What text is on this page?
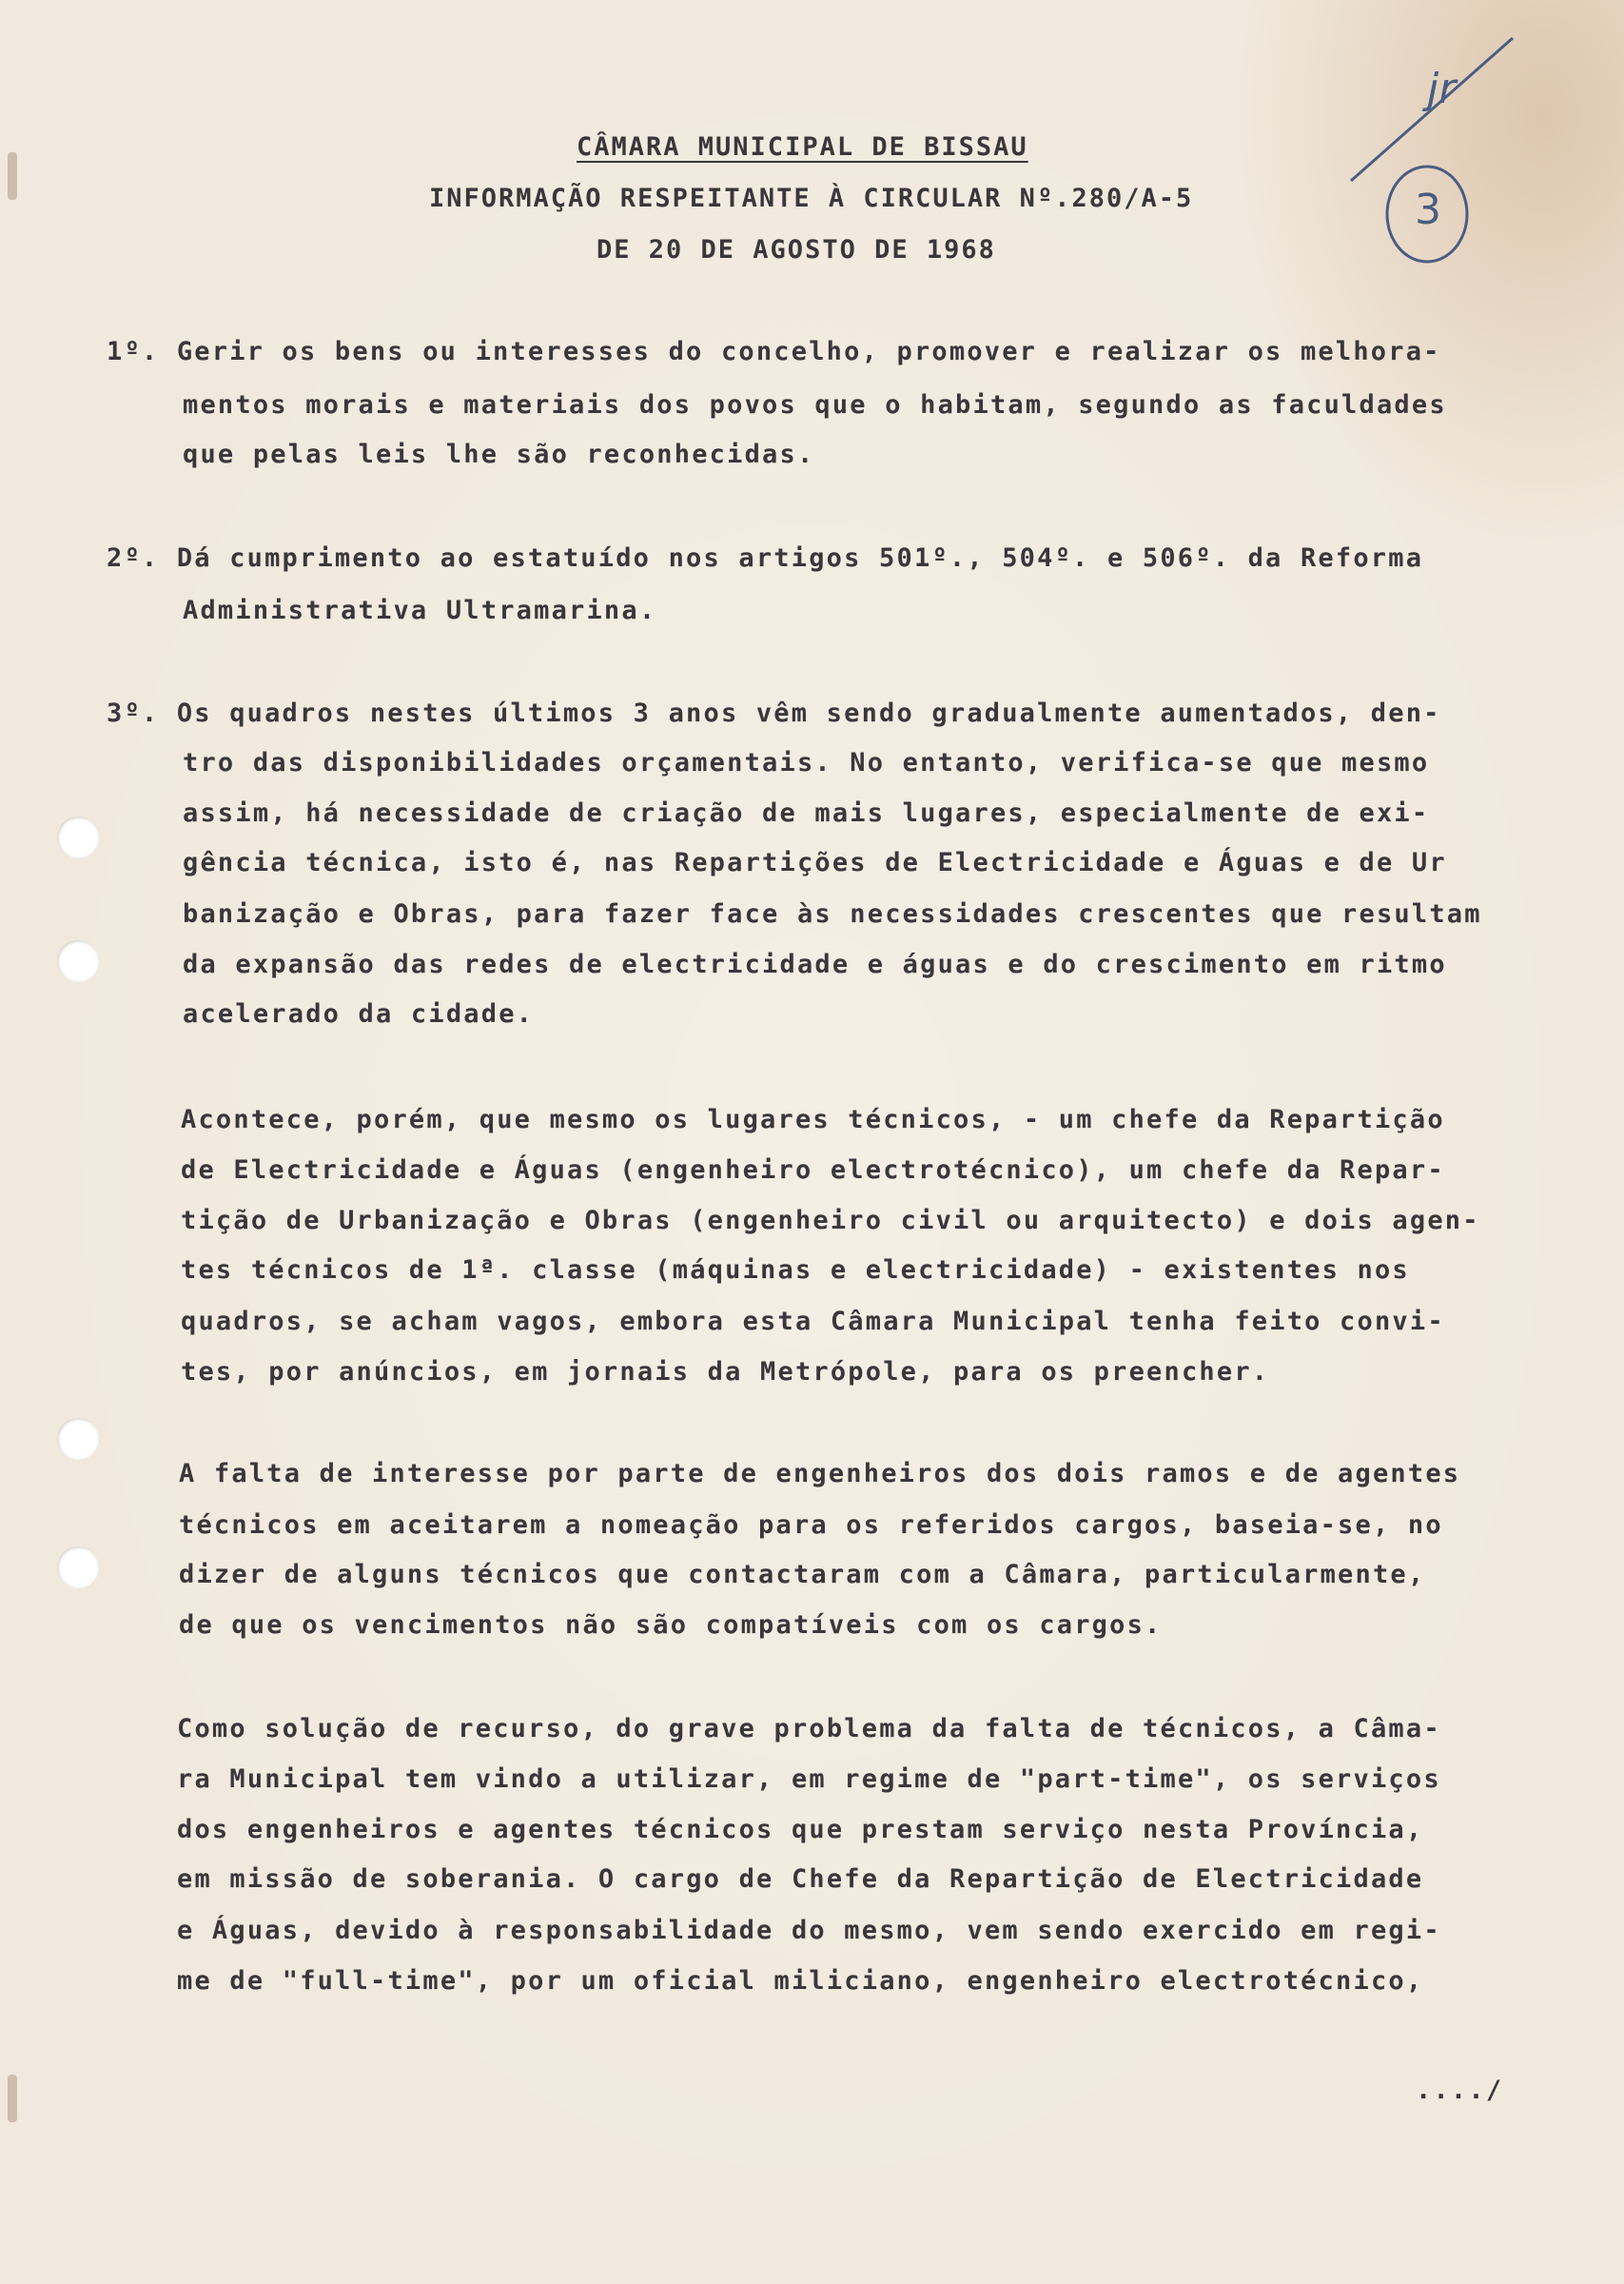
jr
3
CÂMARA MUNICIPAL DE BISSAU
INFORMAÇÃO RESPEITANTE À CIRCULAR Nº.280/A-5
DE 20 DE AGOSTO DE 1968
1º. Gerir os bens ou interesses do concelho, promover e realizar os melhora-
mentos morais e materiais dos povos que o habitam, segundo as faculdades
que pelas leis lhe são reconhecidas.
2º. Dá cumprimento ao estatuído nos artigos 501º., 504º. e 506º. da Reforma
Administrativa Ultramarina.
3º. Os quadros nestes últimos 3 anos vêm sendo gradualmente aumentados, den-
tro das disponibilidades orçamentais. No entanto, verifica-se que mesmo
assim, há necessidade de criação de mais lugares, especialmente de exi-
gência técnica, isto é, nas Repartições de Electricidade e Águas e de Ur
banização e Obras, para fazer face às necessidades crescentes que resultam
da expansão das redes de electricidade e águas e do crescimento em ritmo
acelerado da cidade.
Acontece, porém, que mesmo os lugares técnicos, - um chefe da Repartição
de Electricidade e Águas (engenheiro electrotécnico), um chefe da Repar-
tição de Urbanização e Obras (engenheiro civil ou arquitecto) e dois agen-
tes técnicos de 1ª. classe (máquinas e electricidade) - existentes nos
quadros, se acham vagos, embora esta Câmara Municipal tenha feito convi-
tes, por anúncios, em jornais da Metrópole, para os preencher.
A falta de interesse por parte de engenheiros dos dois ramos e de agentes
técnicos em aceitarem a nomeação para os referidos cargos, baseia-se, no
dizer de alguns técnicos que contactaram com a Câmara, particularmente,
de que os vencimentos não são compatíveis com os cargos.
Como solução de recurso, do grave problema da falta de técnicos, a Câma-
ra Municipal tem vindo a utilizar, em regime de "part-time", os serviços
dos engenheiros e agentes técnicos que prestam serviço nesta Província,
em missão de soberania. O cargo de Chefe da Repartição de Electricidade
e Águas, devido à responsabilidade do mesmo, vem sendo exercido em regi-
me de "full-time", por um oficial miliciano, engenheiro electrotécnico,
..../
